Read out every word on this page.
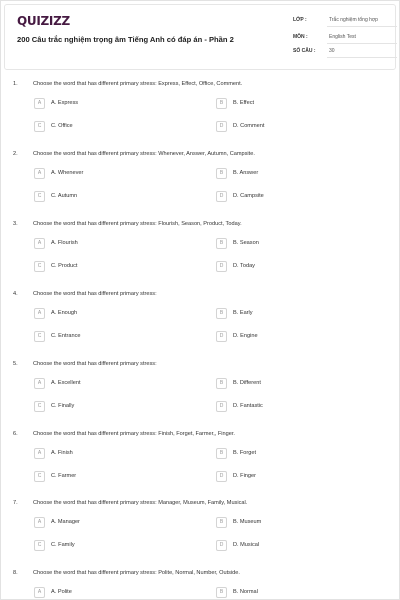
QUIZIZZ
200 Câu trắc nghiệm trọng âm Tiếng Anh có đáp án - Phần 2
LỚP :	Trắc nghiệm tổng hợp
MÔN :	English Test
SỐ CÂU :	30
1.	Choose the word that has different primary stress: Express, Effect, Office, Comment.
A	A. Express	B	B. Effect
C	C. Office	D	D. Comment
2.	Choose the word that has different primary stress: Whenever, Answer, Autumn, Campsite.
A	A. Whenever	B	B. Answer
C	C. Autumn	D	D. Campsite
3.	Choose the word that has different primary stress: Flourish, Season, Product, Today.
A	A. Flourish	B	B. Season
C	C. Product	D	D. Today
4.	Choose the word that has different primary stress:
A	A. Enough	B	B. Early
C	C. Entrance	D	D. Engine
5.	Choose the word that has different primary stress:
A	A. Excellent	B	B. Different
C	C. Finally	D	D. Fantastic
6.	Choose the word that has different primary stress: Finish, Forget, Farmer,, Finger.
A	A. Finish	B	B. Forget
C	C. Farmer	D	D. Finger
7.	Choose the word that has different primary stress: Manager, Museum, Family, Musical.
A	A. Manager	B	B. Museum
C	C. Family	D	D. Musical
8.	Choose the word that has different primary stress: Polite, Normal, Number, Outside.
A	A. Polite	B	B. Normal
